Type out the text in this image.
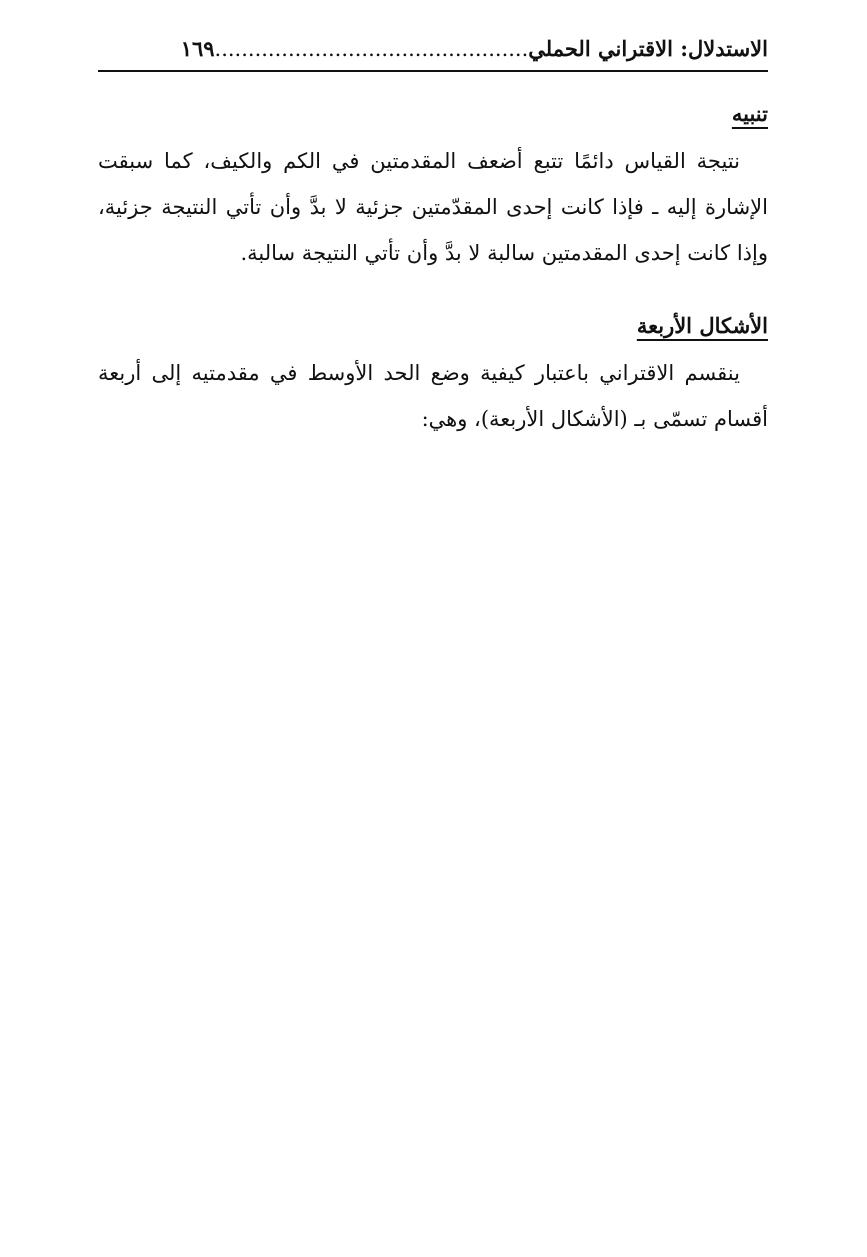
الاستدلال: الاقتراني الحملي...............................................١٦٩
تنبيه

نتيجة القياس دائمًا تتبع أضعف المقدمتين في الكم والكيف، كما سبقت الإشارة إليه ـ فإذا كانت إحدى المقدّمتين جزئية لا بدَّ وأن تأتي النتيجة جزئية، وإذا كانت إحدى المقدمتين سالبة لا بدَّ وأن تأتي النتيجة سالبة.

الأشكال الأربعة

ينقسم الاقتراني باعتبار كيفية وضع الحد الأوسط في مقدمتيه إلى أربعة أقسام تسمّى بـ (الأشكال الأربعة)، وهي:
